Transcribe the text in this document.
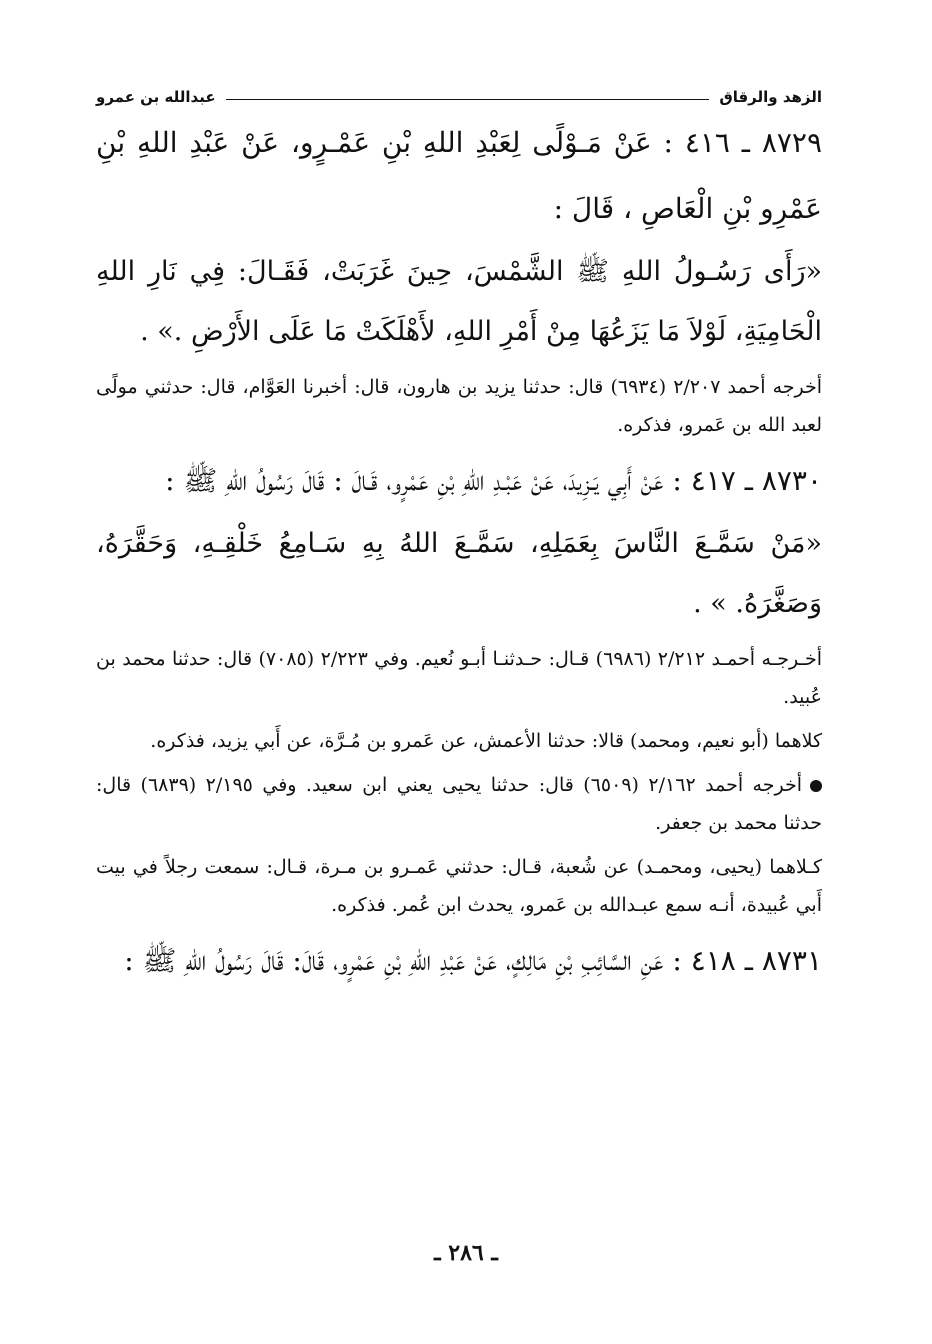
الزهد والرقاق
عبدالله بن عمرو
٨٧٢٩ ـ ٤١٦ : عَنْ مَـوْلًى لِعَبْدِ اللهِ بْنِ عَمْـرٍو، عَنْ عَبْدِ اللهِ بْنِ عَمْرِو بْنِ الْعَاصِ ، قَالَ :
«رَأَى رَسُـولُ اللهِ ﷺ الشَّمْسَ، حِينَ غَرَبَتْ، فَقَـالَ: فِي نَارِ اللهِ الْحَامِيَةِ، لَوْلاَ مَا يَزَعُهَا مِنْ أَمْرِ اللهِ، لأَهْلَكَتْ مَا عَلَى الأَرْضِ .» .
أخرجه أحمد ٢/٢٠٧ (٦٩٣٤) قال: حدثنا يزيد بن هارون، قال: أخبرنا العَوَّام، قال: حدثني مولًى لعبد الله بن عَمرو، فذكره.
٨٧٣٠ ـ ٤١٧ : عَنْ أَبِي يَـزِيدَ، عَنْ عَبْـدِ اللهِ بْنِ عَمْرٍو، قَـالَ : قَالَ رَسُولُ اللهِ ﷺ :
«مَنْ سَمَّـعَ النَّاسَ بِعَمَلِهِ، سَمَّـعَ اللهُ بِهِ سَـامِعُ خَلْقِـهِ، وَحَقَّرَهُ، وَصَغَّرَهُ. » .
أخـرجـه أحمـد ٢/٢١٢ (٦٩٨٦) قـال: حـدثنـا أبـو نُعيم. وفي ٢/٢٢٣ (٧٠٨٥) قال: حدثنا محمد بن عُبيد.
كلاهما (أبو نعيم، ومحمد) قالا: حدثنا الأعمش، عن عَمرو بن مُـرَّة، عن أَبي يزيد، فذكره.
أخرجه أحمد ٢/١٦٢ (٦٥٠٩) قال: حدثنا يحيى يعني ابن سعيد. وفي ٢/١٩٥ (٦٨٣٩) قال: حدثنا محمد بن جعفر.
كـلاهما (يحيى، ومحمـد) عن شُعبة، قـال: حدثني عَمـرو بن مـرة، قـال: سمعت رجلاً في بيت أَبي عُبيدة، أنـه سمع عبـدالله بن عَمرو، يحدث ابن عُمر. فذكره.
٨٧٣١ ـ ٤١٨ : عَنِ السَّائِبِ بْنِ مَالِكٍ، عَنْ عَبْدِ اللهِ بْنِ عَمْرٍو، قَالَ: قَالَ رَسُولُ اللهِ ﷺ :
ـ ٢٨٦ ـ
